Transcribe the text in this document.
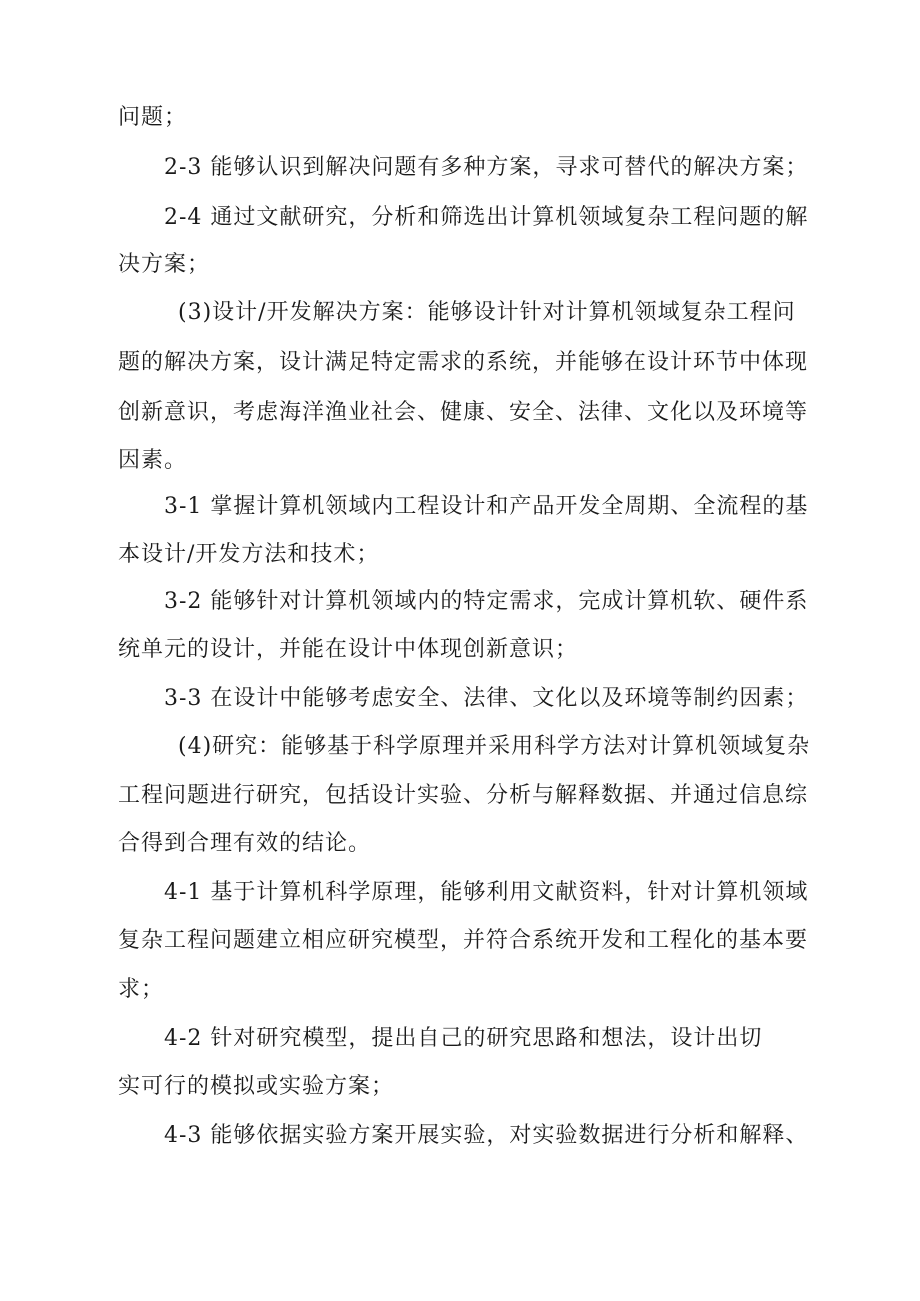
问题；
2-3 能够认识到解决问题有多种方案，寻求可替代的解决方案；
2-4 通过文献研究，分析和筛选出计算机领域复杂工程问题的解
决方案；
(3)设计/开发解决方案：能够设计针对计算机领域复杂工程问
题的解决方案，设计满足特定需求的系统，并能够在设计环节中体现
创新意识，考虑海洋渔业社会、健康、安全、法律、文化以及环境等
因素。
3-1 掌握计算机领域内工程设计和产品开发全周期、全流程的基
本设计/开发方法和技术；
3-2 能够针对计算机领域内的特定需求，完成计算机软、硬件系
统单元的设计，并能在设计中体现创新意识；
3-3 在设计中能够考虑安全、法律、文化以及环境等制约因素；
(4)研究：能够基于科学原理并采用科学方法对计算机领域复杂
工程问题进行研究，包括设计实验、分析与解释数据、并通过信息综
合得到合理有效的结论。
4-1 基于计算机科学原理，能够利用文献资料，针对计算机领域
复杂工程问题建立相应研究模型，并符合系统开发和工程化的基本要
求；
4-2 针对研究模型，提出自己的研究思路和想法，设计出切
实可行的模拟或实验方案；
4-3 能够依据实验方案开展实验，对实验数据进行分析和解释、
